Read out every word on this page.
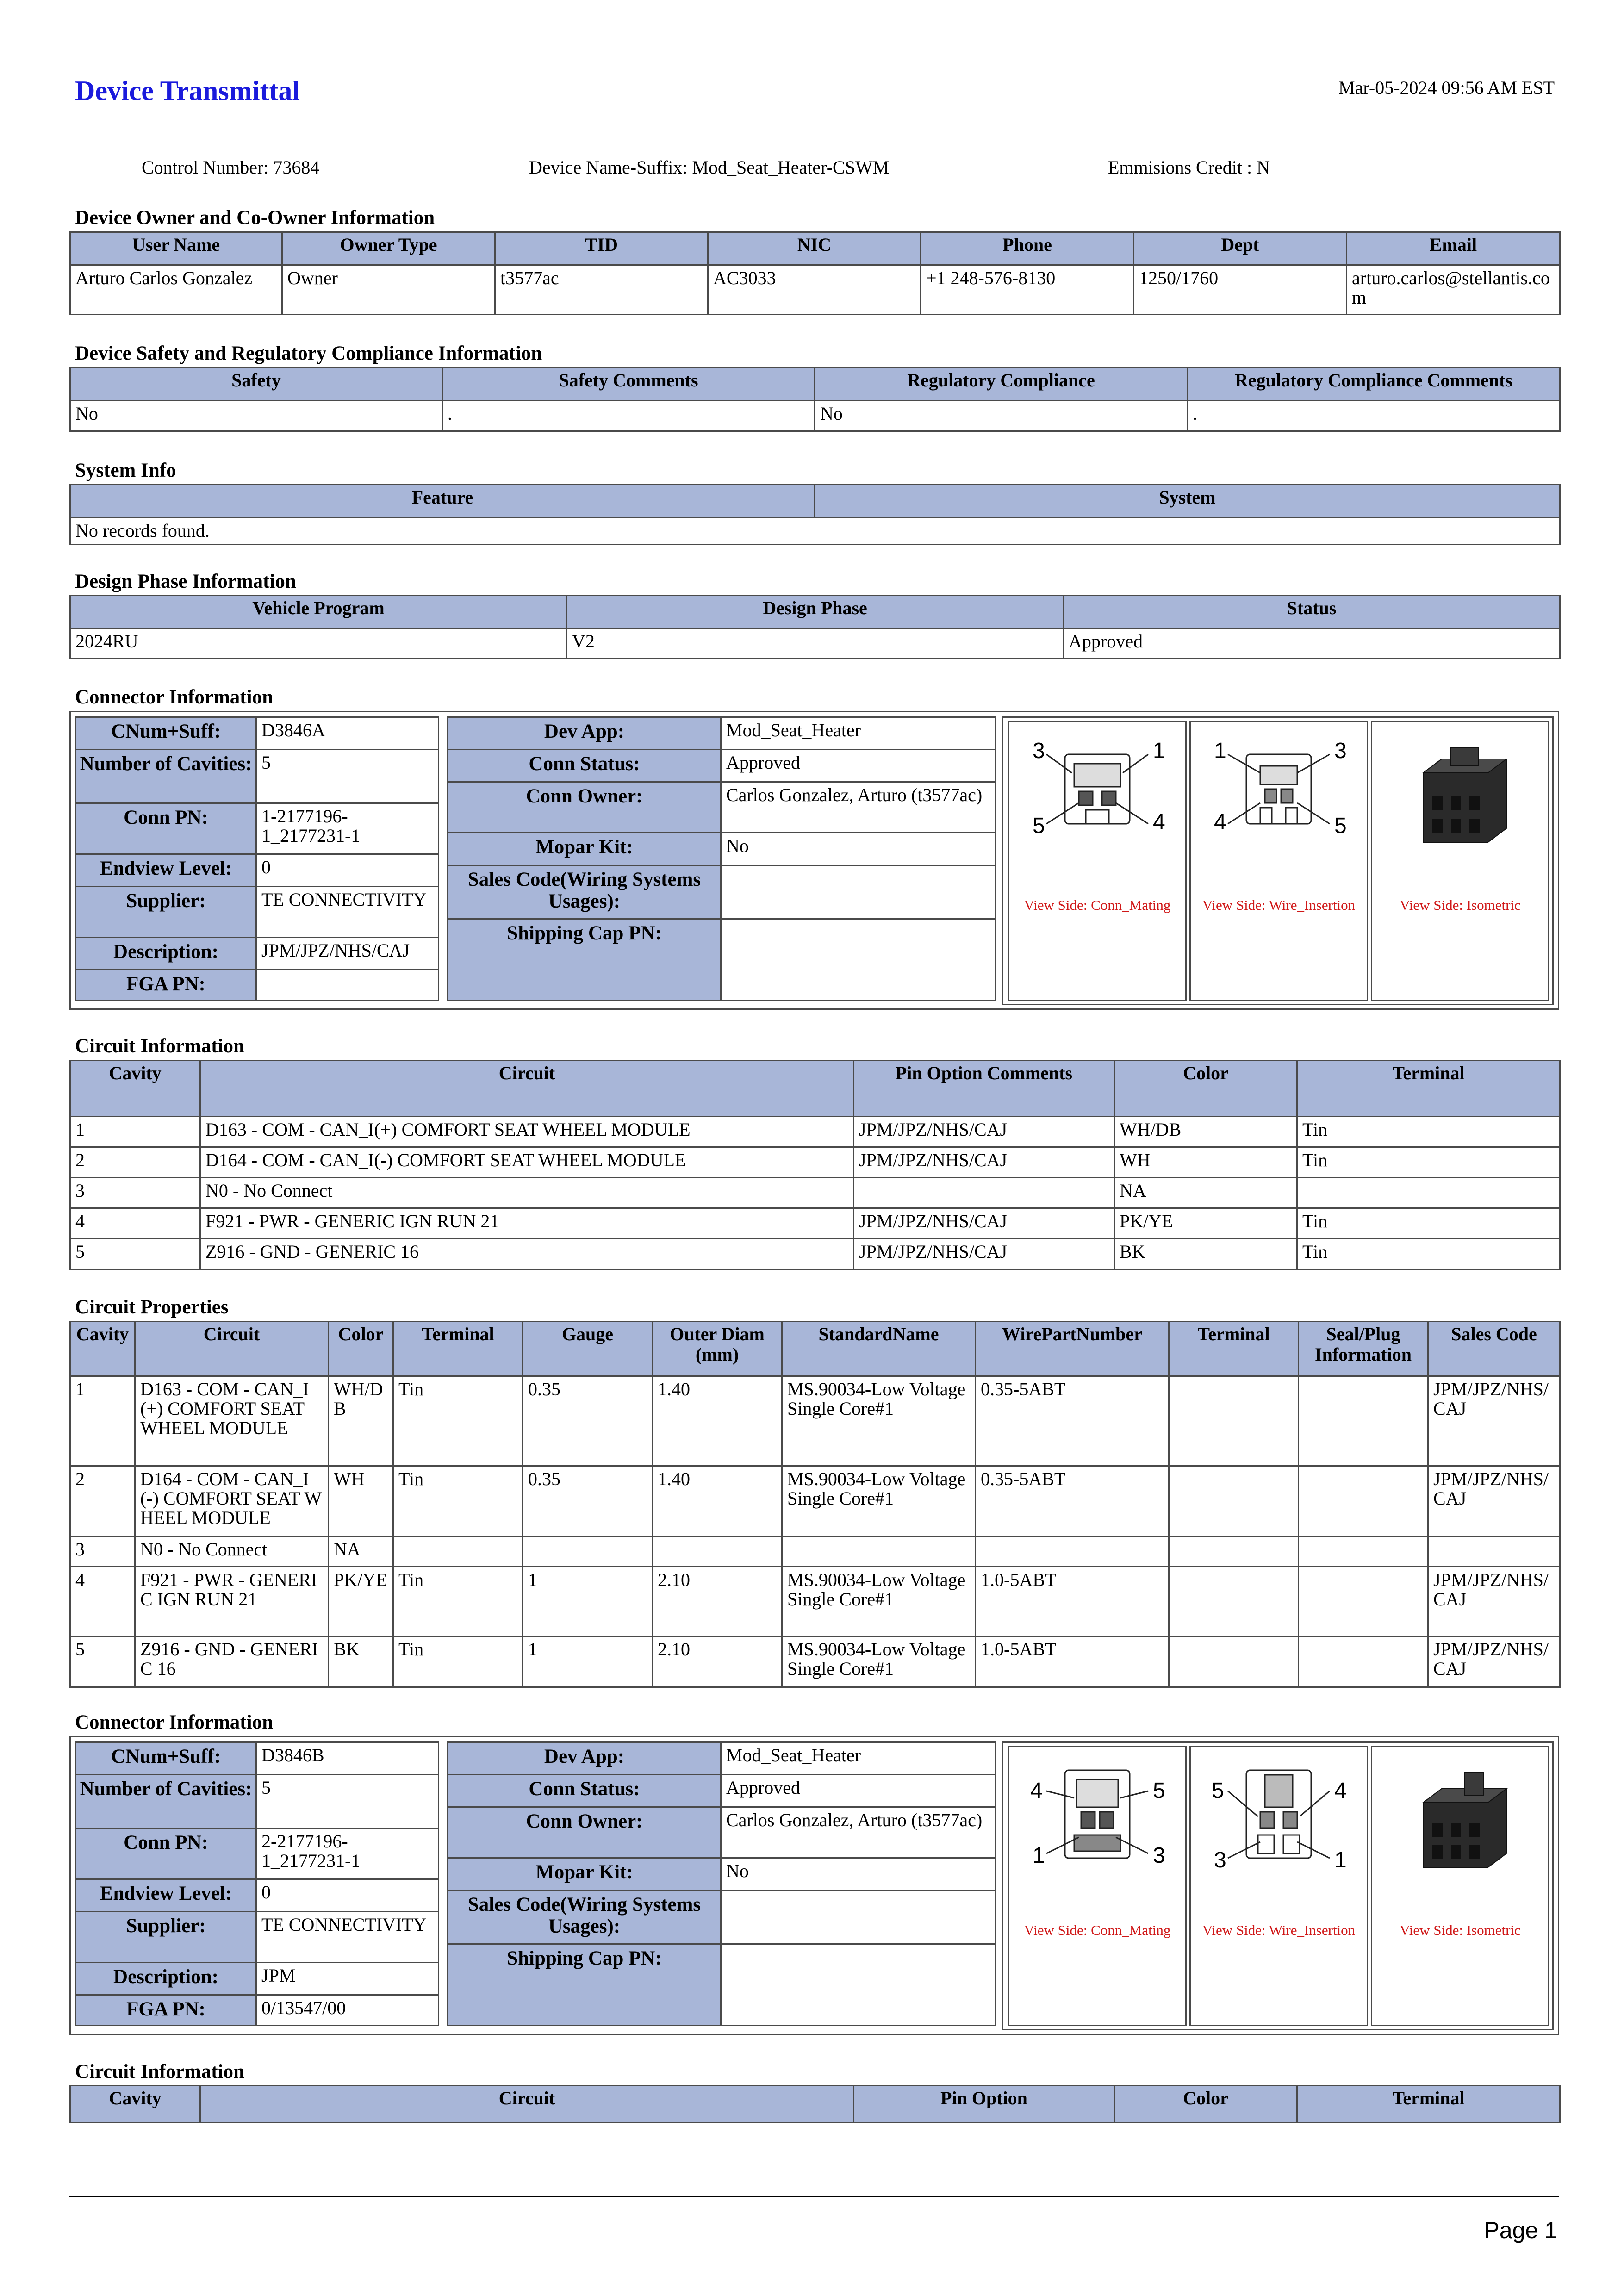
Device Transmittal	Mar-05-2024 09:56 AM EST
Control Number: 73684	Device Name-Suffix: Mod_Seat_Heater-CSWM	Emmisions Credit : N
Device Owner and Co-Owner Information
User Name	Owner Type	TID	NIC	Phone	Dept	Email
Arturo Carlos Gonzalez	Owner	t3577ac	AC3033	+1 248-576-8130	1250/1760	arturo.carlos@stellantis.com
Device Safety and Regulatory Compliance Information
Safety	Safety Comments	Regulatory Compliance	Regulatory Compliance Comments
No	.	No	.
System Info
Feature	System
No records found.
Design Phase Information
Vehicle Program	Design Phase	Status
2024RU	V2	Approved
Connector Information
CNum+Suff:	D3846A
Number of Cavities:	5
Conn PN:	1-2177196-1_2177231-1
Endview Level:	0
Supplier:	TE CONNECTIVITY
Description:	JPM/JPZ/NHS/CAJ
FGA PN:	
Dev App:	Mod_Seat_Heater
Conn Status:	Approved
Conn Owner:	Carlos Gonzalez, Arturo (t3577ac)
Mopar Kit:	No
Sales Code(Wiring Systems Usages):	
Shipping Cap PN:	
3	1
5	4
View Side: Conn_Mating
1	3
4	5
View Side: Wire_Insertion	View Side: Isometric
Circuit Information
Cavity	Circuit	Pin Option Comments	Color	Terminal
1	D163 - COM - CAN_I(+) COMFORT SEAT WHEEL MODULE	JPM/JPZ/NHS/CAJ	WH/DB	Tin
2	D164 - COM - CAN_I(-) COMFORT SEAT WHEEL MODULE	JPM/JPZ/NHS/CAJ	WH	Tin
3	N0 - No Connect		NA	
4	F921 - PWR - GENERIC IGN RUN 21	JPM/JPZ/NHS/CAJ	PK/YE	Tin
5	Z916 - GND - GENERIC 16	JPM/JPZ/NHS/CAJ	BK	Tin
Circuit Properties
Cavity	Circuit	Color	Terminal	Gauge	Outer Diam (mm)	StandardName	WirePartNumber	Terminal	Seal/Plug Information	Sales Code
1	D163 - COM - CAN_I(+) COMFORT SEAT WHEEL MODULE	WH/DB	Tin	0.35	1.40	MS.90034-Low Voltage Single Core#1	0.35-5ABT			JPM/JPZ/NHS/CAJ
2	D164 - COM - CAN_I(-) COMFORT SEAT WHEEL MODULE	WH	Tin	0.35	1.40	MS.90034-Low Voltage Single Core#1	0.35-5ABT			JPM/JPZ/NHS/CAJ
3	N0 - No Connect	NA								
4	F921 - PWR - GENERIC IGN RUN 21	PK/YE	Tin	1	2.10	MS.90034-Low Voltage Single Core#1	1.0-5ABT			JPM/JPZ/NHS/CAJ
5	Z916 - GND - GENERIC 16	BK	Tin	1	2.10	MS.90034-Low Voltage Single Core#1	1.0-5ABT			JPM/JPZ/NHS/CAJ
Connector Information
CNum+Suff:	D3846B
Number of Cavities:	5
Conn PN:	2-2177196-1_2177231-1
Endview Level:	0
Supplier:	TE CONNECTIVITY
Description:	JPM
FGA PN:	0/13547/00
Dev App:	Mod_Seat_Heater
Conn Status:	Approved
Conn Owner:	Carlos Gonzalez, Arturo (t3577ac)
Mopar Kit:	No
Sales Code(Wiring Systems Usages):	
Shipping Cap PN:	
4	5
1	3
View Side: Conn_Mating
5	4
3	1
View Side: Wire_Insertion	View Side: Isometric
Circuit Information
Cavity	Circuit	Pin Option	Color	Terminal
Page 1
